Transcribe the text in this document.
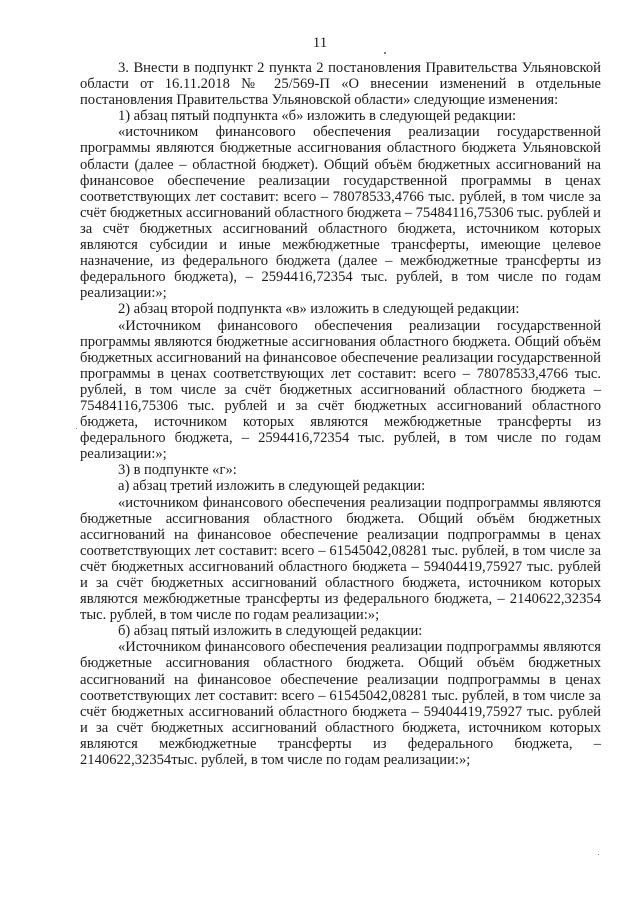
11

3. Внести в подпункт 2 пункта 2 постановления Правительства Ульяновской области от 16.11.2018 № 25/569-П «О внесении изменений в отдельные постановления Правительства Ульяновской области» следующие изменения:

1) абзац пятый подпункта «б» изложить в следующей редакции:

«источником финансового обеспечения реализации государственной программы являются бюджетные ассигнования областного бюджета Ульяновской области (далее – областной бюджет). Общий объём бюджетных ассигнований на финансовое обеспечение реализации государственной программы в ценах соответствующих лет составит: всего – 78078533,4766 тыс. рублей, в том числе за счёт бюджетных ассигнований областного бюджета – 75484116,75306 тыс. рублей и за счёт бюджетных ассигнований областного бюджета, источником которых являются субсидии и иные межбюджетные трансферты, имеющие целевое назначение, из федерального бюджета (далее – межбюджетные трансферты из федерального бюджета), – 2594416,72354 тыс. рублей, в том числе по годам реализации:»;

2) абзац второй подпункта «в» изложить в следующей редакции:

«Источником финансового обеспечения реализации государственной программы являются бюджетные ассигнования областного бюджета. Общий объём бюджетных ассигнований на финансовое обеспечение реализации государственной программы в ценах соответствующих лет составит: всего – 78078533,4766 тыс. рублей, в том числе за счёт бюджетных ассигнований областного бюджета – 75484116,75306 тыс. рублей и за счёт бюджетных ассигнований областного бюджета, источником которых являются межбюджетные трансферты из федерального бюджета, – 2594416,72354 тыс. рублей, в том числе по годам реализации:»;

3) в подпункте «г»:

а) абзац третий изложить в следующей редакции:

«источником финансового обеспечения реализации подпрограммы являются бюджетные ассигнования областного бюджета. Общий объём бюджетных ассигнований на финансовое обеспечение реализации подпрограммы в ценах соответствующих лет составит: всего – 61545042,08281 тыс. рублей, в том числе за счёт бюджетных ассигнований областного бюджета – 59404419,75927 тыс. рублей и за счёт бюджетных ассигнований областного бюджета, источником которых являются межбюджетные трансферты из федерального бюджета, – 2140622,32354 тыс. рублей, в том числе по годам реализации:»;

б) абзац пятый изложить в следующей редакции:

«Источником финансового обеспечения реализации подпрограммы являются бюджетные ассигнования областного бюджета. Общий объём бюджетных ассигнований на финансовое обеспечение реализации подпрограммы в ценах соответствующих лет составит: всего – 61545042,08281 тыс. рублей, в том числе за счёт бюджетных ассигнований областного бюджета – 59404419,75927 тыс. рублей и за счёт бюджетных ассигнований областного бюджета, источником которых являются межбюджетные трансферты из федерального бюджета, – 2140622,32354тыс. рублей, в том числе по годам реализации:»;
